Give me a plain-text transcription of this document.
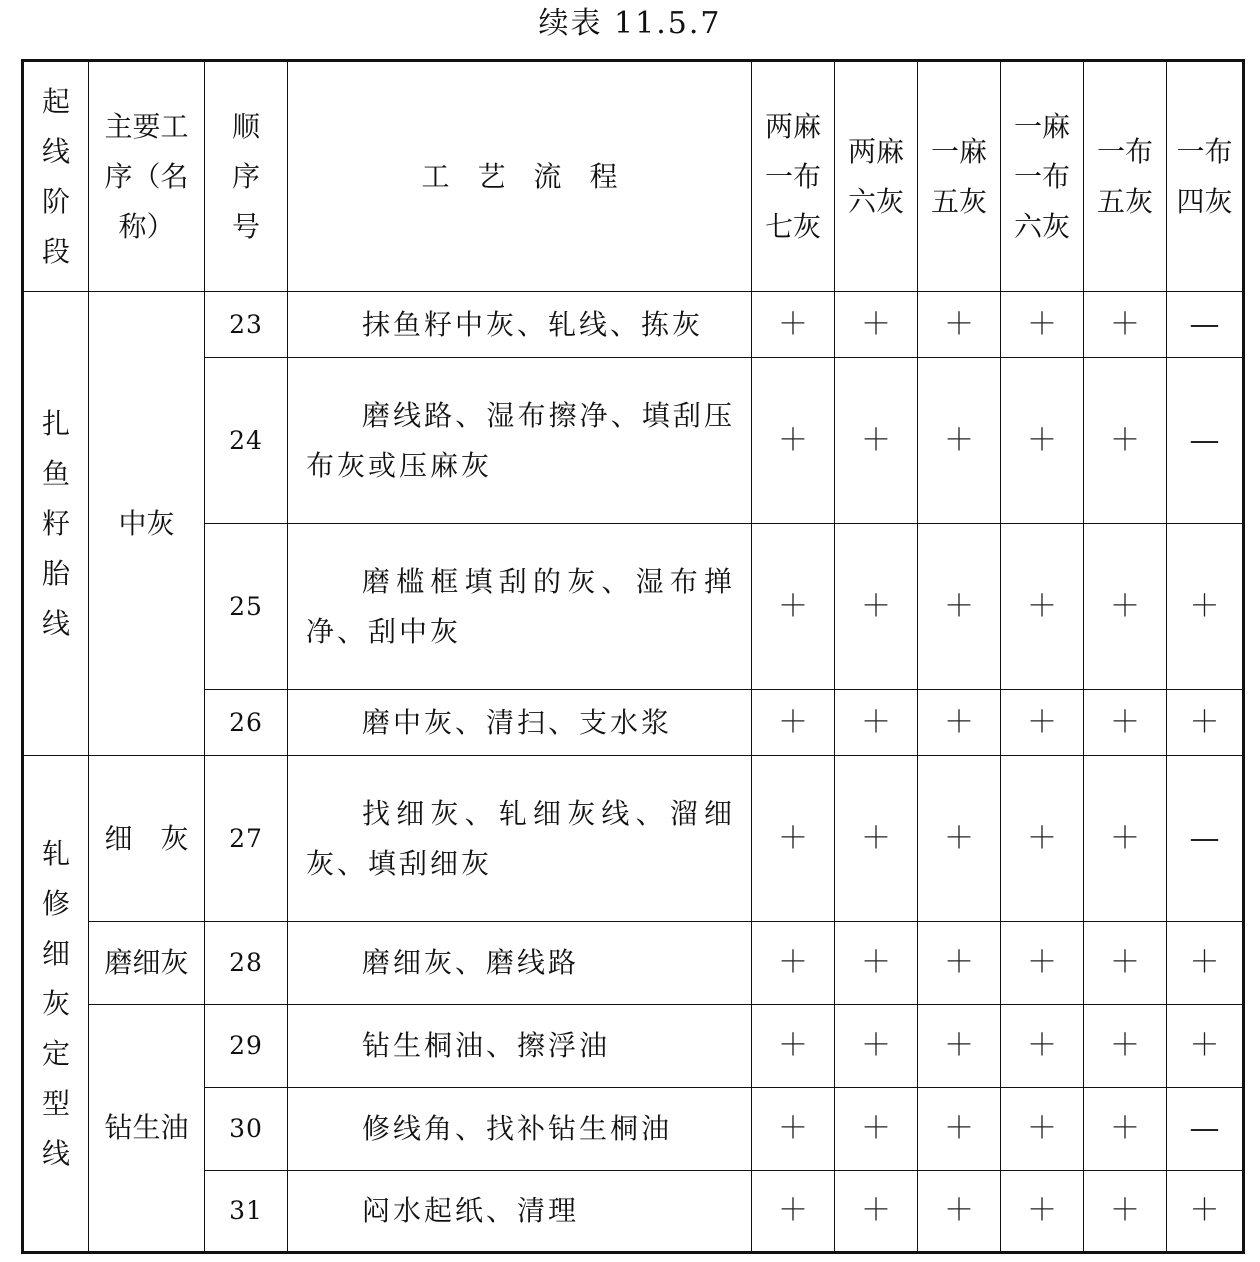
续表 11.5.7
起线阶段	主要工序（名称）	顺序号	工　艺　流　程	两麻一布七灰	两麻六灰	一麻五灰	一麻一布六灰	一布五灰	一布四灰
扎鱼籽胎线	中灰	23	抹鱼籽中灰、轧线、拣灰	＋	＋	＋	＋	＋	—
		24	磨线路、湿布擦净、填刮压布灰或压麻灰	＋	＋	＋	＋	＋	—
		25	磨槛框填刮的灰、湿布掸净、刮中灰	＋	＋	＋	＋	＋	＋
		26	磨中灰、清扫、支水浆	＋	＋	＋	＋	＋	＋
轧修细灰定型线	细　灰	27	找细灰、轧细灰线、溜细灰、填刮细灰	＋	＋	＋	＋	＋	—
	磨细灰	28	磨细灰、磨线路	＋	＋	＋	＋	＋	＋
	钻生油	29	钻生桐油、擦浮油	＋	＋	＋	＋	＋	＋
		30	修线角、找补钻生桐油	＋	＋	＋	＋	＋	—
		31	闷水起纸、清理	＋	＋	＋	＋	＋	＋
